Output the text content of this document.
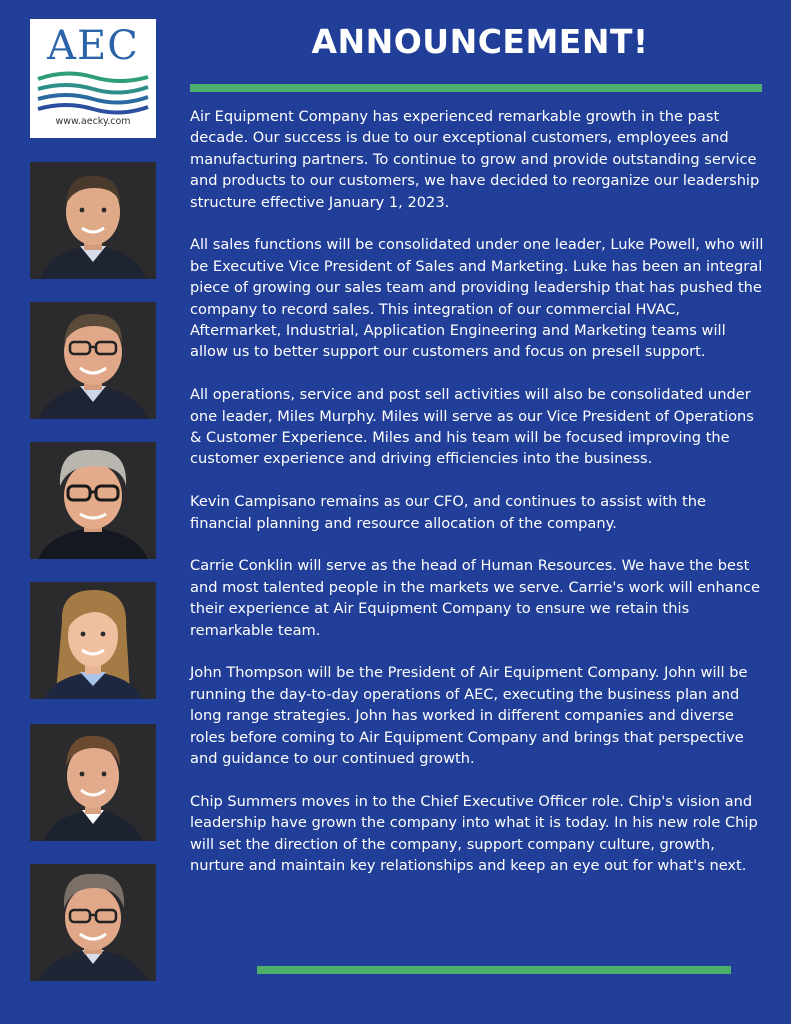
AEC
www.aecky.com
ANNOUNCEMENT!

Air Equipment Company has experienced remarkable growth in the past decade. Our success is due to our exceptional customers, employees and manufacturing partners. To continue to grow and provide outstanding service and products to our customers, we have decided to reorganize our leadership structure effective January 1, 2023.

All sales functions will be consolidated under one leader, Luke Powell, who will be Executive Vice President of Sales and Marketing. Luke has been an integral piece of growing our sales team and providing leadership that has pushed the company to record sales. This integration of our commercial HVAC, Aftermarket, Industrial, Application Engineering and Marketing teams will allow us to better support our customers and focus on presell support.

All operations, service and post sell activities will also be consolidated under one leader, Miles Murphy. Miles will serve as our Vice President of Operations & Customer Experience. Miles and his team will be focused improving the customer experience and driving efficiencies into the business.

Kevin Campisano remains as our CFO, and continues to assist with the financial planning and resource allocation of the company.

Carrie Conklin will serve as the head of Human Resources. We have the best and most talented people in the markets we serve. Carrie's work will enhance their experience at Air Equipment Company to ensure we retain this remarkable team.

John Thompson will be the President of Air Equipment Company. John will be running the day-to-day operations of AEC, executing the business plan and long range strategies. John has worked in different companies and diverse roles before coming to Air Equipment Company and brings that perspective and guidance to our continued growth.

Chip Summers moves in to the Chief Executive Officer role. Chip's vision and leadership have grown the company into what it is today. In his new role Chip will set the direction of the company, support company culture, growth, nurture and maintain key relationships and keep an eye out for what's next.
